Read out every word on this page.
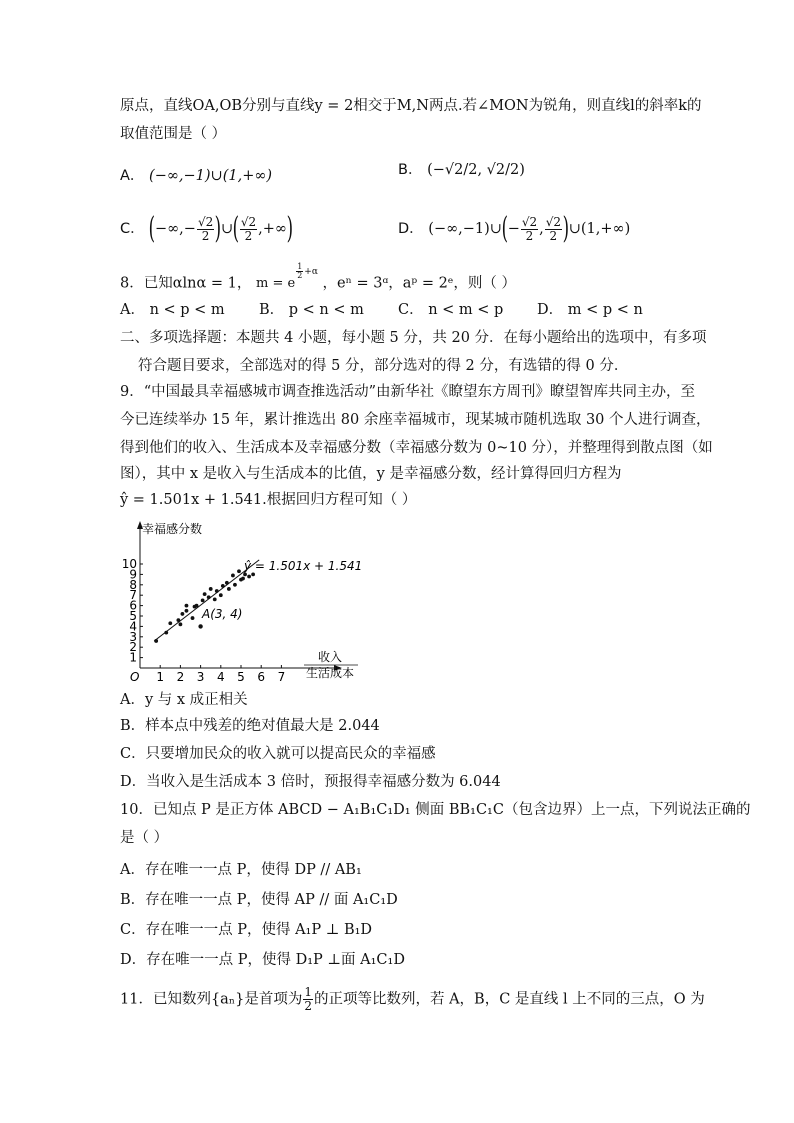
原点，直线OA,OB分别与直线y = 2相交于M,N两点.若∠MON为锐角，则直线l的斜率k的
取值范围是（ ）
A． (−∞,−1)∪(1,+∞)	B． (−√2/2, √2/2)
C． (−∞,− $\frac{√2}{2}$ )∪( $\frac{√2}{2}$ ,+∞)	D． (−∞,−1)∪(− $\frac{√2}{2}$ , $\frac{√2}{2}$ )∪(1,+∞)
8．已知αlnα = 1， m = e
$^{\frac{1}{2} +\alpha}$ ，eⁿ = 3ᵅ，aᵖ = 2ᵉ，则（ ）
A． n < p < m B． p < n < m C． n < m < p D． m < p < n
二、多项选择题：本题共 4 小题，每小题 5 分，共 20 分．在每小题给出的选项中，有多项
符合题目要求，全部选对的得 5 分，部分选对的得 2 分，有选错的得 0 分．
9．“中国最具幸福感城市调查推选活动”由新华社《瞭望东方周刊》瞭望智库共同主办，至
今已连续举办 15 年，累计推选出 80 余座幸福城市，现某城市随机选取 30 个人进行调查，
得到他们的收入、生活成本及幸福感分数（幸福感分数为 0~10 分），并整理得到散点图（如
图），其中 x 是收入与生活成本的比值，y 是幸福感分数，经计算得回归方程为
ŷ = 1.501x + 1.541.根据回归方程可知（ ）
幸福感分数
O
收入
生活成本
ŷ = 1.501x + 1.541
A(3, 4)
1 2 3 4 5 6 7
1
2
3
4
5
6
7
8
9
10
A．y 与 x 成正相关
B．样本点中残差的绝对值最大是 2.044
C．只要增加民众的收入就可以提高民众的幸福感
D．当收入是生活成本 3 倍时，预报得幸福感分数为 6.044
10．已知点 P 是正方体 ABCD − A₁B₁C₁D₁ 侧面 BB₁C₁C（包含边界）上一点，下列说法正确的
是（ ）
A．存在唯一一点 P，使得 DP // AB₁
B．存在唯一一点 P，使得 AP // 面 A₁C₁D
C．存在唯一一点 P，使得 A₁P ⊥ B₁D
D．存在唯一一点 P，使得 D₁P ⊥面 A₁C₁D
11．已知数列{aₙ}是首项为 $\frac{1}{2}$ 的正项等比数列，若 A，B，C 是直线 l 上不同的三点，O 为
